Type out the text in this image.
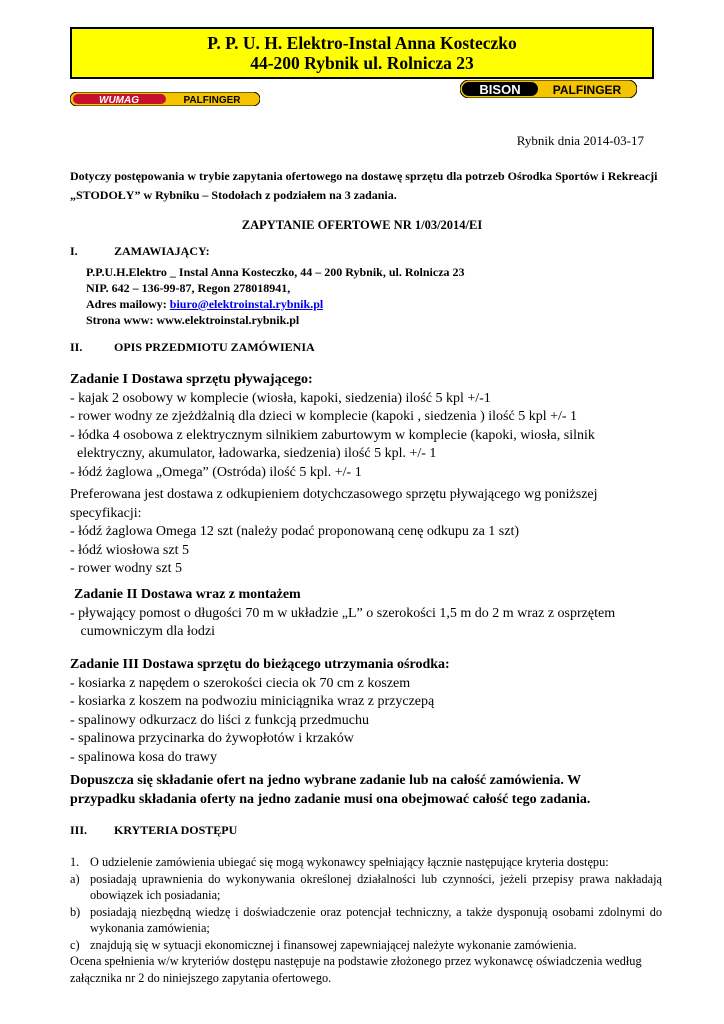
P. P. U. H. Elektro-Instal Anna Kosteczko
44-200 Rybnik ul. Rolnicza 23
WUMAG	PALFINGER
BISON	PALFINGER
Rybnik dnia 2014-03-17
Dotyczy postępowania w trybie zapytania ofertowego na dostawę sprzętu dla potrzeb Ośrodka Sportów i Rekreacji „STODOŁY” w Rybniku – Stodołach z podziałem na 3 zadania.
ZAPYTANIE OFERTOWE NR 1/03/2014/EI
I.	ZAMAWIAJĄCY:
P.P.U.H.Elektro _ Instal Anna Kosteczko, 44 – 200 Rybnik, ul. Rolnicza 23
NIP. 642 – 136-99-87, Regon 278018941,
Adres mailowy: biuro@elektroinstal.rybnik.pl
Strona www: www.elektroinstal.rybnik.pl
II.	OPIS PRZEDMIOTU ZAMÓWIENIA
Zadanie I Dostawa sprzętu pływającego:
- kajak 2 osobowy w komplecie (wiosła, kapoki, siedzenia) ilość 5 kpl +/-1
- rower wodny ze zjeżdżalnią dla dzieci w komplecie (kapoki , siedzenia ) ilość 5 kpl +/- 1
- łódka 4 osobowa z elektrycznym silnikiem zaburtowym w komplecie (kapoki, wiosła, silnik
elektryczny, akumulator, ładowarka, siedzenia) ilość 5 kpl. +/- 1
- łódź żaglowa „Omega” (Ostróda) ilość 5 kpl. +/- 1
Preferowana jest dostawa z odkupieniem dotychczasowego sprzętu pływającego wg poniższej
specyfikacji:
- łódź żaglowa Omega 12 szt (należy podać proponowaną cenę odkupu za 1 szt)
- łódź wiosłowa szt 5
- rower wodny szt 5
Zadanie II Dostawa wraz z montażem
- pływający pomost o długości 70 m w układzie „L” o szerokości 1,5 m do 2 m wraz z osprzętem
cumowniczym dla łodzi
Zadanie III Dostawa sprzętu do bieżącego utrzymania ośrodka:
- kosiarka z napędem o szerokości ciecia ok 70 cm z koszem
- kosiarka z koszem na podwoziu miniciągnika wraz z przyczepą
- spalinowy odkurzacz do liści z funkcją przedmuchu
- spalinowa przycinarka do żywopłotów i krzaków
- spalinowa kosa do trawy
Dopuszcza się składanie ofert na jedno wybrane zadanie lub na całość zamówienia. W
przypadku składania oferty na jedno zadanie musi ona obejmować całość tego zadania.
III. KRYTERIA DOSTĘPU
1. O udzielenie zamówienia ubiegać się mogą wykonawcy spełniający łącznie następujące kryteria dostępu:
a) posiadają uprawnienia do wykonywania określonej działalności lub czynności, jeżeli przepisy prawa nakładają obowiązek ich posiadania;
b) posiadają niezbędną wiedzę i doświadczenie oraz potencjał techniczny, a także dysponują osobami zdolnymi do wykonania zamówienia;
c) znajdują się w sytuacji ekonomicznej i finansowej zapewniającej należyte wykonanie zamówienia.
Ocena spełnienia w/w kryteriów dostępu następuje na podstawie złożonego przez wykonawcę oświadczenia według załącznika nr 2 do niniejszego zapytania ofertowego.
